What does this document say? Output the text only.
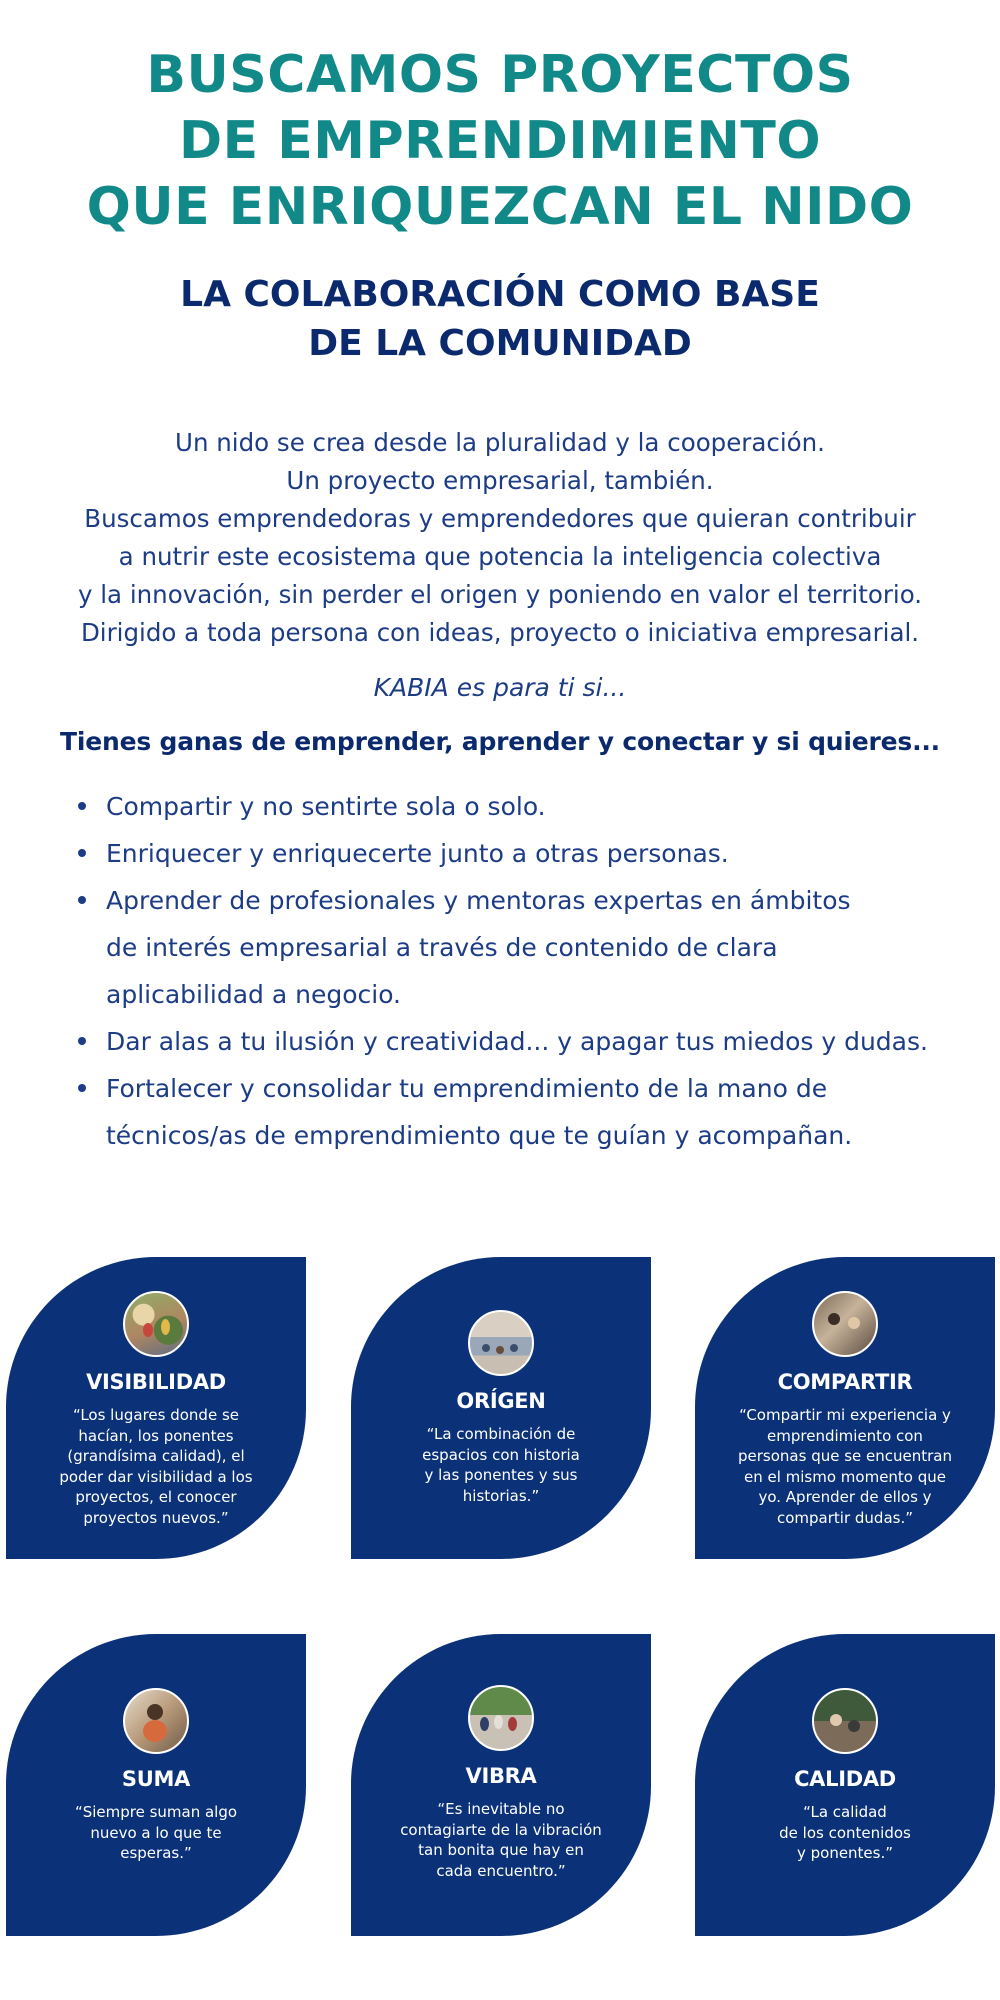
BUSCAMOS PROYECTOS
DE EMPRENDIMIENTO
QUE ENRIQUEZCAN EL NIDO
LA COLABORACIÓN COMO BASE
DE LA COMUNIDAD
Un nido se crea desde la pluralidad y la cooperación.
Un proyecto empresarial, también.
Buscamos emprendedoras y emprendedores que quieran contribuir
a nutrir este ecosistema que potencia la inteligencia colectiva
y la innovación, sin perder el origen y poniendo en valor el territorio.
Dirigido a toda persona con ideas, proyecto o iniciativa empresarial.
KABIA es para ti si...
Tienes ganas de emprender, aprender y conectar y si quieres...
Compartir y no sentirte sola o solo.
Enriquecer y enriquecerte junto a otras personas.
Aprender de profesionales y mentoras expertas en ámbitos
de interés empresarial a través de contenido de clara
aplicabilidad a negocio.
Dar alas a tu ilusión y creatividad... y apagar tus miedos y dudas.
Fortalecer y consolidar tu emprendimiento de la mano de
técnicos/as de emprendimiento que te guían y acompañan.
VISIBILIDAD

“Los lugares donde se
hacían, los ponentes
(grandísima calidad), el
poder dar visibilidad a los
proyectos, el conocer
proyectos nuevos.”

ORÍGEN

“La combinación de
espacios con historia
y las ponentes y sus
historias.”

COMPARTIR

“Compartir mi experiencia y
emprendimiento con
personas que se encuentran
en el mismo momento que
yo. Aprender de ellos y
compartir dudas.”

SUMA

“Siempre suman algo
nuevo a lo que te
esperas.”

VIBRA

“Es inevitable no
contagiarte de la vibración
tan bonita que hay en
cada encuentro.”

CALIDAD

“La calidad
de los contenidos
y ponentes.”
